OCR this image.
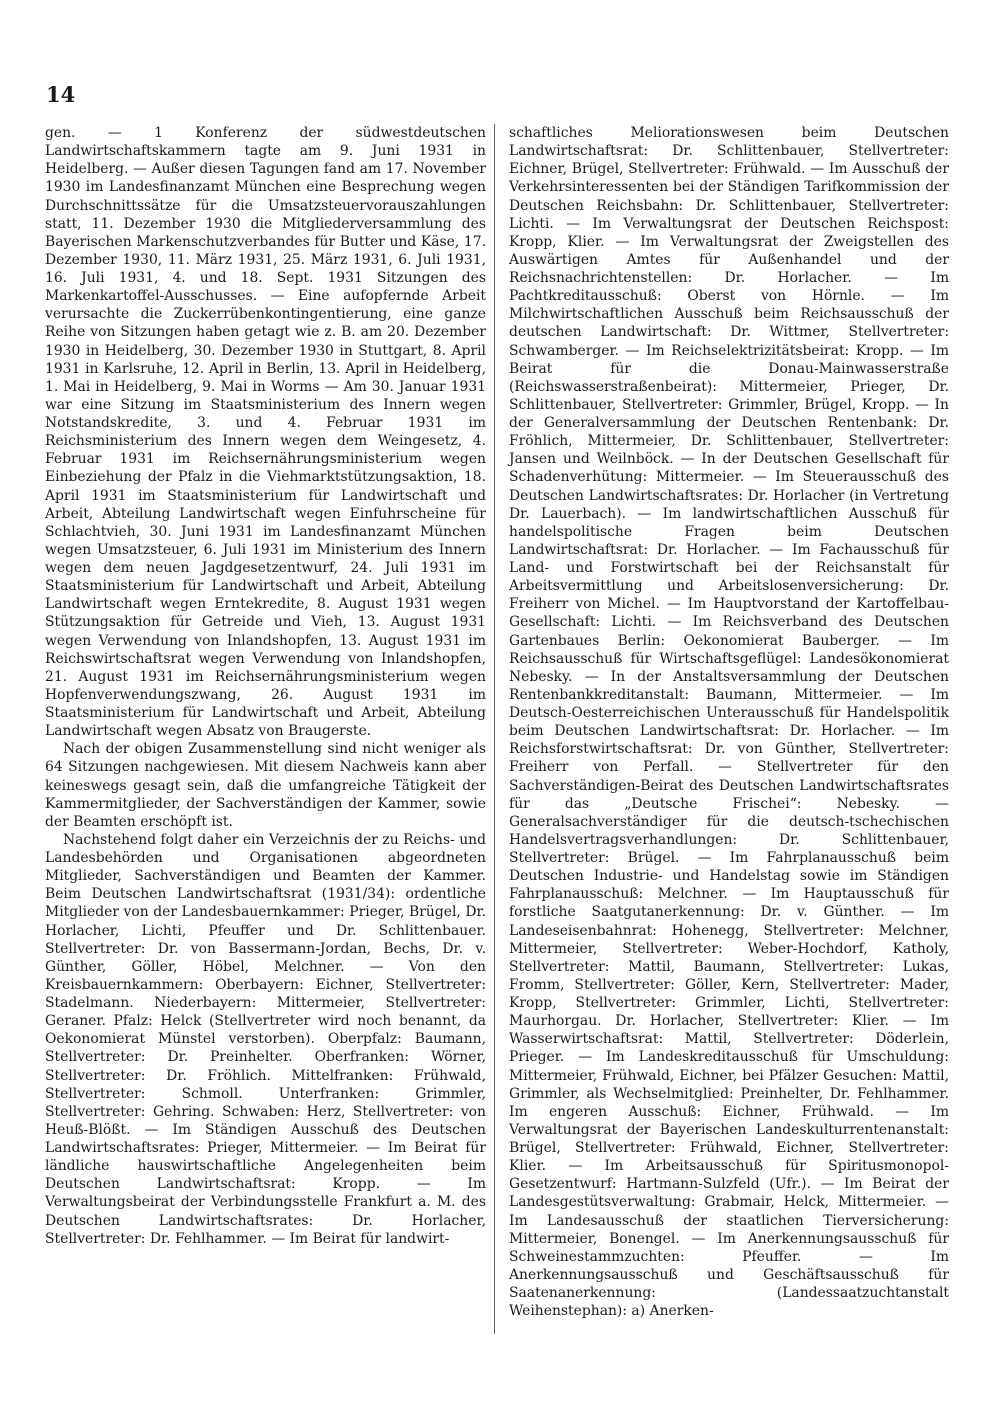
14

gen. — 1 Konferenz der südwestdeutschen Landwirtschaftskammern tagte am 9. Juni 1931 in Heidelberg. — Außer diesen Tagungen fand am 17. November 1930 im Landesfinanzamt München eine Besprechung wegen Durchschnittssätze für die Umsatzsteuervorauszahlungen statt, 11. Dezember 1930 die Mitgliederversammlung des Bayerischen Markenschutzverbandes für Butter und Käse, 17. Dezember 1930, 11. März 1931, 25. März 1931, 6. Juli 1931, 16. Juli 1931, 4. und 18. Sept. 1931 Sitzungen des Markenkartoffel-Ausschusses. — Eine aufopfernde Arbeit verursachte die Zuckerrübenkontingentierung, eine ganze Reihe von Sitzungen haben getagt wie z. B. am 20. Dezember 1930 in Heidelberg, 30. Dezember 1930 in Stuttgart, 8. April 1931 in Karlsruhe, 12. April in Berlin, 13. April in Heidelberg, 1. Mai in Heidelberg, 9. Mai in Worms — Am 30. Januar 1931 war eine Sitzung im Staatsministerium des Innern wegen Notstandskredite, 3. und 4. Februar 1931 im Reichsministerium des Innern wegen dem Weingesetz, 4. Februar 1931 im Reichsernährungsministerium wegen Einbeziehung der Pfalz in die Viehmarktstützungsaktion, 18. April 1931 im Staatsministerium für Landwirtschaft und Arbeit, Abteilung Landwirtschaft wegen Einfuhrscheine für Schlachtvieh, 30. Juni 1931 im Landesfinanzamt München wegen Umsatzsteuer, 6. Juli 1931 im Ministerium des Innern wegen dem neuen Jagdgesetzentwurf, 24. Juli 1931 im Staatsministerium für Landwirtschaft und Arbeit, Abteilung Landwirtschaft wegen Erntekredite, 8. August 1931 wegen Stützungsaktion für Getreide und Vieh, 13. August 1931 wegen Verwendung von Inlandshopfen, 13. August 1931 im Reichswirtschaftsrat wegen Verwendung von Inlandshopfen, 21. August 1931 im Reichsernährungsministerium wegen Hopfenverwendungszwang, 26. August 1931 im Staatsministerium für Landwirtschaft und Arbeit, Abteilung Landwirtschaft wegen Absatz von Braugerste.

Nach der obigen Zusammenstellung sind nicht weniger als 64 Sitzungen nachgewiesen. Mit diesem Nachweis kann aber keineswegs gesagt sein, daß die umfangreiche Tätigkeit der Kammermitglieder, der Sachverständigen der Kammer, sowie der Beamten erschöpft ist.

Nachstehend folgt daher ein Verzeichnis der zu Reichs- und Landesbehörden und Organisationen abgeordneten Mitglieder, Sachverständigen und Beamten der Kammer. Beim Deutschen Landwirtschaftsrat (1931/34): ordentliche Mitglieder von der Landesbauernkammer: Prieger, Brügel, Dr. Horlacher, Lichti, Pfeuffer und Dr. Schlittenbauer. Stellvertreter: Dr. von Bassermann-Jordan, Bechs, Dr. v. Günther, Göller, Höbel, Melchner. — Von den Kreisbauernkammern: Oberbayern: Eichner, Stellvertreter: Stadelmann. Niederbayern: Mittermeier, Stellvertreter: Geraner. Pfalz: Helck (Stellvertreter wird noch benannt, da Oekonomierat Münstel verstorben). Oberpfalz: Baumann, Stellvertreter: Dr. Preinhelter. Oberfranken: Wörner, Stellvertreter: Dr. Fröhlich. Mittelfranken: Frühwald, Stellvertreter: Schmoll. Unterfranken: Grimmler, Stellvertreter: Gehring. Schwaben: Herz, Stellvertreter: von Heuß-Blößt. — Im Ständigen Ausschuß des Deutschen Landwirtschaftsrates: Prieger, Mittermeier. — Im Beirat für ländliche hauswirtschaftliche Angelegenheiten beim Deutschen Landwirtschaftsrat: Kropp. — Im Verwaltungsbeirat der Verbindungsstelle Frankfurt a. M. des Deutschen Landwirtschaftsrates: Dr. Horlacher, Stellvertreter: Dr. Fehlhammer. — Im Beirat für landwirt-

schaftliches Meliorationswesen beim Deutschen Landwirtschaftsrat: Dr. Schlittenbauer, Stellvertreter: Eichner, Brügel, Stellvertreter: Frühwald. — Im Ausschuß der Verkehrsinteressenten bei der Ständigen Tarifkommission der Deutschen Reichsbahn: Dr. Schlittenbauer, Stellvertreter: Lichti. — Im Verwaltungsrat der Deutschen Reichspost: Kropp, Klier. — Im Verwaltungsrat der Zweigstellen des Auswärtigen Amtes für Außenhandel und der Reichsnachrichtenstellen: Dr. Horlacher. — Im Pachtkreditausschuß: Oberst von Hörnle. — Im Milchwirtschaftlichen Ausschuß beim Reichsausschuß der deutschen Landwirtschaft: Dr. Wittmer, Stellvertreter: Schwamberger. — Im Reichselektrizitätsbeirat: Kropp. — Im Beirat für die Donau-Mainwasserstraße (Reichswasserstraßenbeirat): Mittermeier, Prieger, Dr. Schlittenbauer, Stellvertreter: Grimmler, Brügel, Kropp. — In der Generalversammlung der Deutschen Rentenbank: Dr. Fröhlich, Mittermeier, Dr. Schlittenbauer, Stellvertreter: Jansen und Weilnböck. — In der Deutschen Gesellschaft für Schadenverhütung: Mittermeier. — Im Steuerausschuß des Deutschen Landwirtschaftsrates: Dr. Horlacher (in Vertretung Dr. Lauerbach). — Im landwirtschaftlichen Ausschuß für handelspolitische Fragen beim Deutschen Landwirtschaftsrat: Dr. Horlacher. — Im Fachausschuß für Land- und Forstwirtschaft bei der Reichsanstalt für Arbeitsvermittlung und Arbeitslosenversicherung: Dr. Freiherr von Michel. — Im Hauptvorstand der Kartoffelbau-Gesellschaft: Lichti. — Im Reichsverband des Deutschen Gartenbaues Berlin: Oekonomierat Bauberger. — Im Reichsausschuß für Wirtschaftsgeflügel: Landesökonomierat Nebesky. — In der Anstaltsversammlung der Deutschen Rentenbankkreditanstalt: Baumann, Mittermeier. — Im Deutsch-Oesterreichischen Unterausschuß für Handelspolitik beim Deutschen Landwirtschaftsrat: Dr. Horlacher. — Im Reichsforstwirtschaftsrat: Dr. von Günther, Stellvertreter: Freiherr von Perfall. — Stellvertreter für den Sachverständigen-Beirat des Deutschen Landwirtschaftsrates für das „Deutsche Frischei“: Nebesky. — Generalsachverständiger für die deutsch-tschechischen Handelsvertragsverhandlungen: Dr. Schlittenbauer, Stellvertreter: Brügel. — Im Fahrplanausschuß beim Deutschen Industrie- und Handelstag sowie im Ständigen Fahrplanausschuß: Melchner. — Im Hauptausschuß für forstliche Saatgutanerkennung: Dr. v. Günther. — Im Landeseisenbahnrat: Hohenegg, Stellvertreter: Melchner, Mittermeier, Stellvertreter: Weber-Hochdorf, Katholy, Stellvertreter: Mattil, Baumann, Stellvertreter: Lukas, Fromm, Stellvertreter: Göller, Kern, Stellvertreter: Mader, Kropp, Stellvertreter: Grimmler, Lichti, Stellvertreter: Maurhorgau. Dr. Horlacher, Stellvertreter: Klier. — Im Wasserwirtschaftsrat: Mattil, Stellvertreter: Döderlein, Prieger. — Im Landeskreditausschuß für Umschuldung: Mittermeier, Frühwald, Eichner, bei Pfälzer Gesuchen: Mattil, Grimmler, als Wechselmitglied: Preinhelter, Dr. Fehlhammer. Im engeren Ausschuß: Eichner, Frühwald. — Im Verwaltungsrat der Bayerischen Landeskulturrentenanstalt: Brügel, Stellvertreter: Frühwald, Eichner, Stellvertreter: Klier. — Im Arbeitsausschuß für Spiritusmonopol-Gesetzentwurf: Hartmann-Sulzfeld (Ufr.). — Im Beirat der Landesgestütsverwaltung: Grabmair, Helck, Mittermeier. — Im Landesausschuß der staatlichen Tierversicherung: Mittermeier, Bonengel. — Im Anerkennungsausschuß für Schweinestammzuchten: Pfeuffer. — Im Anerkennungsausschuß und Geschäftsausschuß für Saatenanerkennung: (Landessaatzuchtanstalt Weihenstephan): a) Anerken-
